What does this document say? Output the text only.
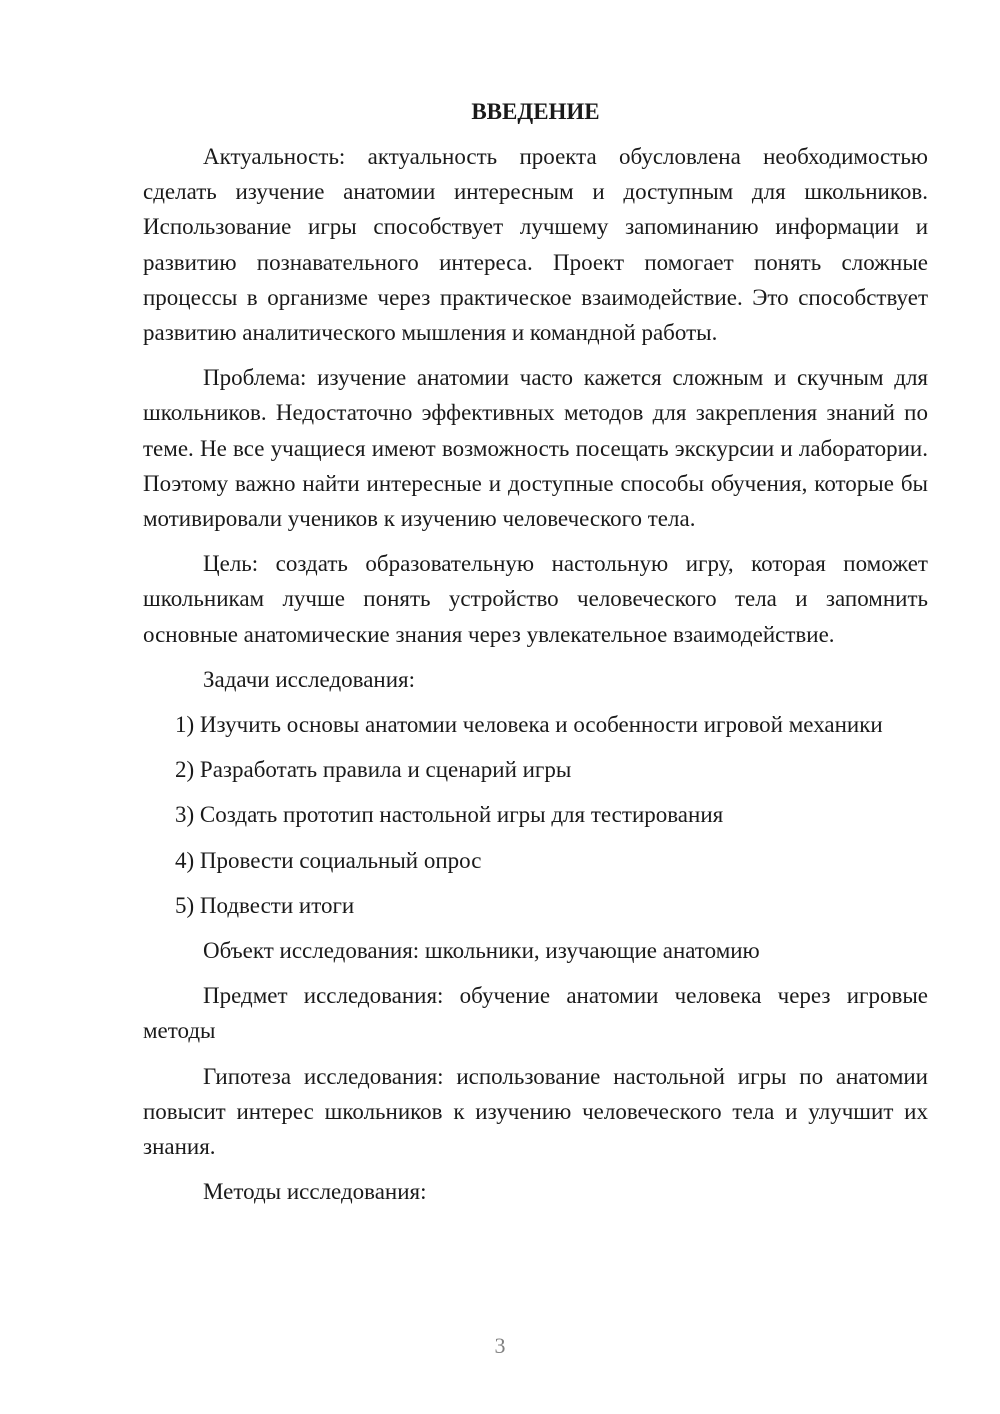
ВВЕДЕНИЕ

Актуальность: актуальность проекта обусловлена необходимостью сделать изучение анатомии интересным и доступным для школьников. Использование игры способствует лучшему запоминанию информации и развитию познавательного интереса. Проект помогает понять сложные процессы в организме через практическое взаимодействие. Это способствует развитию аналитического мышления и командной работы.

Проблема: изучение анатомии часто кажется сложным и скучным для школьников. Недостаточно эффективных методов для закрепления знаний по теме. Не все учащиеся имеют возможность посещать экскурсии и лаборатории. Поэтому важно найти интересные и доступные способы обучения, которые бы мотивировали учеников к изучению человеческого тела.

Цель: создать образовательную настольную игру, которая поможет школьникам лучше понять устройство человеческого тела и запомнить основные анатомические знания через увлекательное взаимодействие.

Задачи исследования:

1) Изучить основы анатомии человека и особенности игровой механики

2) Разработать правила и сценарий игры

3) Создать прототип настольной игры для тестирования

4) Провести социальный опрос

5) Подвести итоги

Объект исследования: школьники, изучающие анатомию

Предмет исследования: обучение анатомии человека через игровые методы

Гипотеза исследования: использование настольной игры по анатомии повысит интерес школьников к изучению человеческого тела и улучшит их знания.

Методы исследования:

3
